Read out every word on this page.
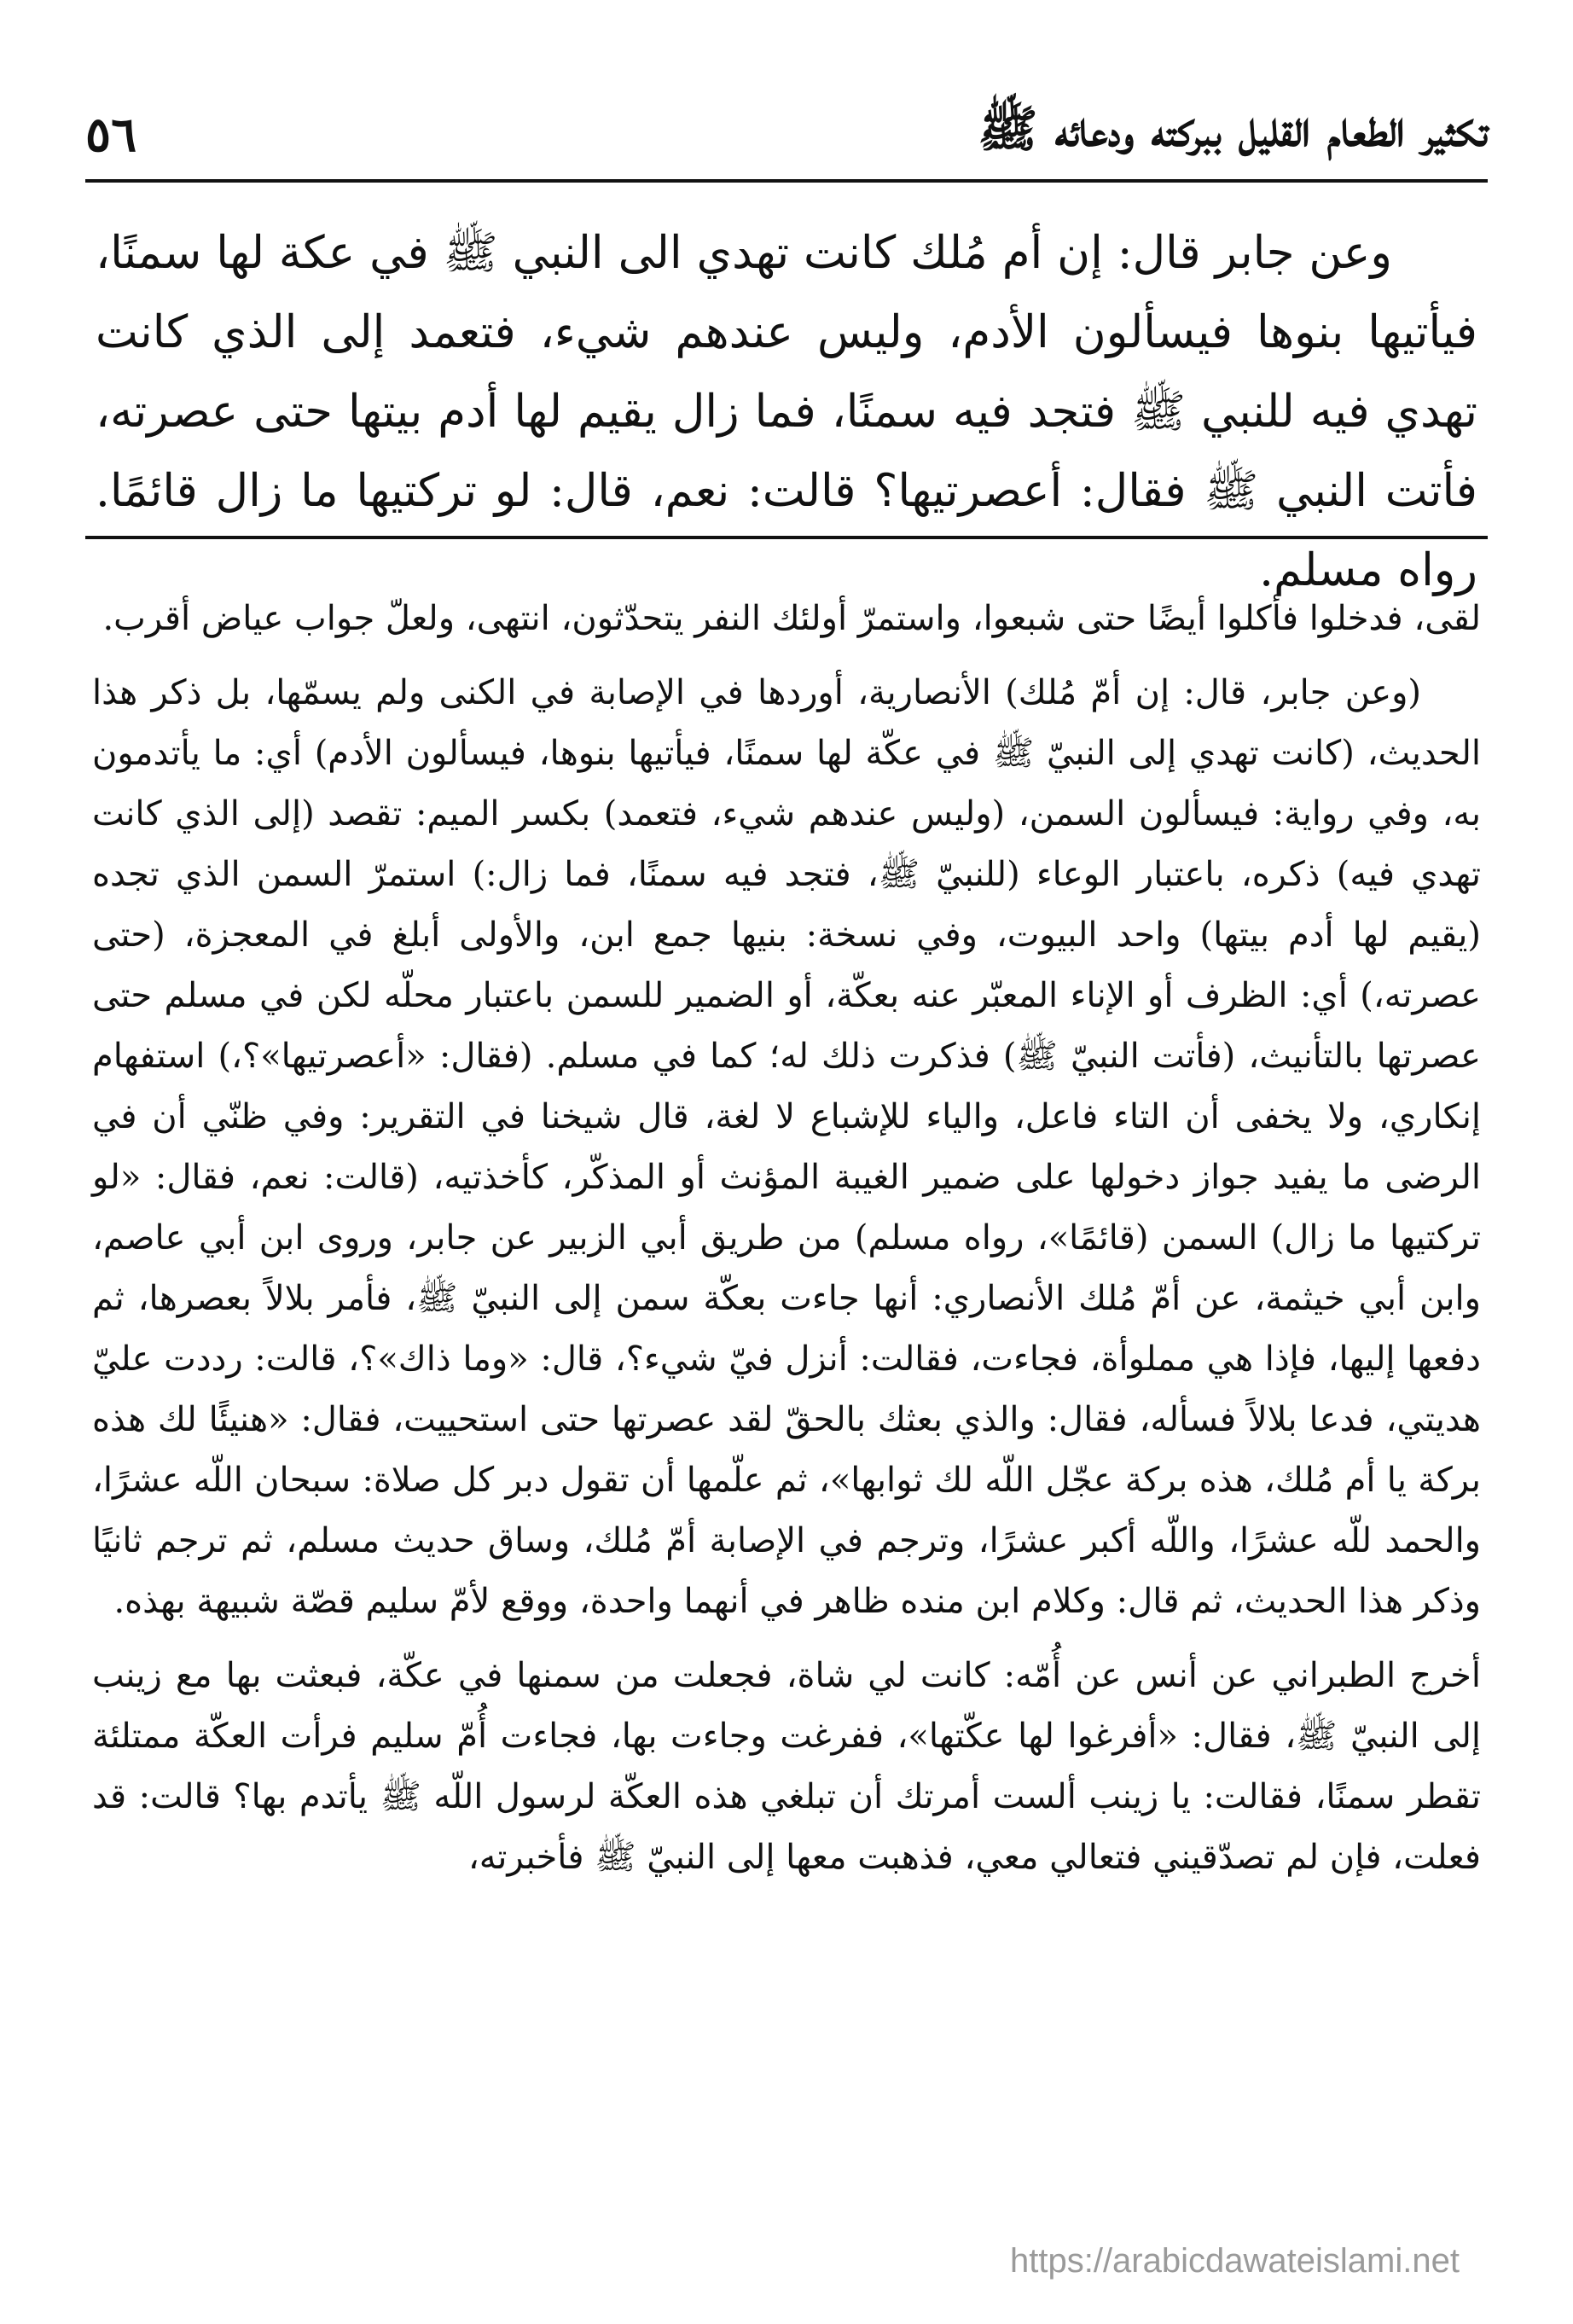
تكثير الطعام القليل ببركته ودعائه ﷺ
٥٦

وعن جابر قال: إن أم مُلك كانت تهدي الى النبي ﷺ في عكة لها سمنًا، فيأتيها بنوها فيسألون الأدم، وليس عندهم شيء، فتعمد إلى الذي كانت تهدي فيه للنبي ﷺ فتجد فيه سمنًا، فما زال يقيم لها أدم بيتها حتى عصرته، فأتت النبي ﷺ فقال: أعصرتيها؟ قالت: نعم، قال: لو تركتيها ما زال قائمًا. رواه مسلم.

لقى، فدخلوا فأكلوا أيضًا حتى شبعوا، واستمرّ أولئك النفر يتحدّثون، انتهى، ولعلّ جواب عياض أقرب.

(وعن جابر، قال: إن أمّ مُلك) الأنصارية، أوردها في الإصابة في الكنى ولم يسمّها، بل ذكر هذا الحديث، (كانت تهدي إلى النبيّ ﷺ في عكّة لها سمنًا، فيأتيها بنوها، فيسألون الأدم) أي: ما يأتدمون به، وفي رواية: فيسألون السمن، (وليس عندهم شيء، فتعمد) بكسر الميم: تقصد (إلى الذي كانت تهدي فيه) ذكره، باعتبار الوعاء (للنبيّ ﷺ، فتجد فيه سمنًا، فما زال:) استمرّ السمن الذي تجده (يقيم لها أدم بيتها) واحد البيوت، وفي نسخة: بنيها جمع ابن، والأولى أبلغ في المعجزة، (حتى عصرته،) أي: الظرف أو الإناء المعبّر عنه بعكّة، أو الضمير للسمن باعتبار محلّه لكن في مسلم حتى عصرتها بالتأنيث، (فأتت النبيّ ﷺ) فذكرت ذلك له؛ كما في مسلم. (فقال: «أعصرتيها»؟،) استفهام إنكاري، ولا يخفى أن التاء فاعل، والياء للإشباع لا لغة، قال شيخنا في التقرير: وفي ظنّي أن في الرضى ما يفيد جواز دخولها على ضمير الغيبة المؤنث أو المذكّر، كأخذتيه، (قالت: نعم، فقال: «لو تركتيها ما زال) السمن (قائمًا»، رواه مسلم) من طريق أبي الزبير عن جابر، وروى ابن أبي عاصم، وابن أبي خيثمة، عن أمّ مُلك الأنصاري: أنها جاءت بعكّة سمن إلى النبيّ ﷺ، فأمر بلالاً بعصرها، ثم دفعها إليها، فإذا هي مملوأة، فجاءت، فقالت: أنزل فيّ شيء؟، قال: «وما ذاك»؟، قالت: رددت عليّ هديتي، فدعا بلالاً فسأله، فقال: والذي بعثك بالحقّ لقد عصرتها حتى استحييت، فقال: «هنيئًا لك هذه بركة يا أم مُلك، هذه بركة عجّل اللّه لك ثوابها»، ثم علّمها أن تقول دبر كل صلاة: سبحان اللّه عشرًا، والحمد للّه عشرًا، واللّه أكبر عشرًا، وترجم في الإصابة أمّ مُلك، وساق حديث مسلم، ثم ترجم ثانيًا وذكر هذا الحديث، ثم قال: وكلام ابن منده ظاهر في أنهما واحدة، ووقع لأمّ سليم قصّة شبيهة بهذه.

أخرج الطبراني عن أنس عن أُمّه: كانت لي شاة، فجعلت من سمنها في عكّة، فبعثت بها مع زينب إلى النبيّ ﷺ، فقال: «أفرغوا لها عكّتها»، ففرغت وجاءت بها، فجاءت أُمّ سليم فرأت العكّة ممتلئة تقطر سمنًا، فقالت: يا زينب ألست أمرتك أن تبلغي هذه العكّة لرسول اللّه ﷺ يأتدم بها؟ قالت: قد فعلت، فإن لم تصدّقيني فتعالي معي، فذهبت معها إلى النبيّ ﷺ فأخبرته،

https://arabicdawateislami.net
